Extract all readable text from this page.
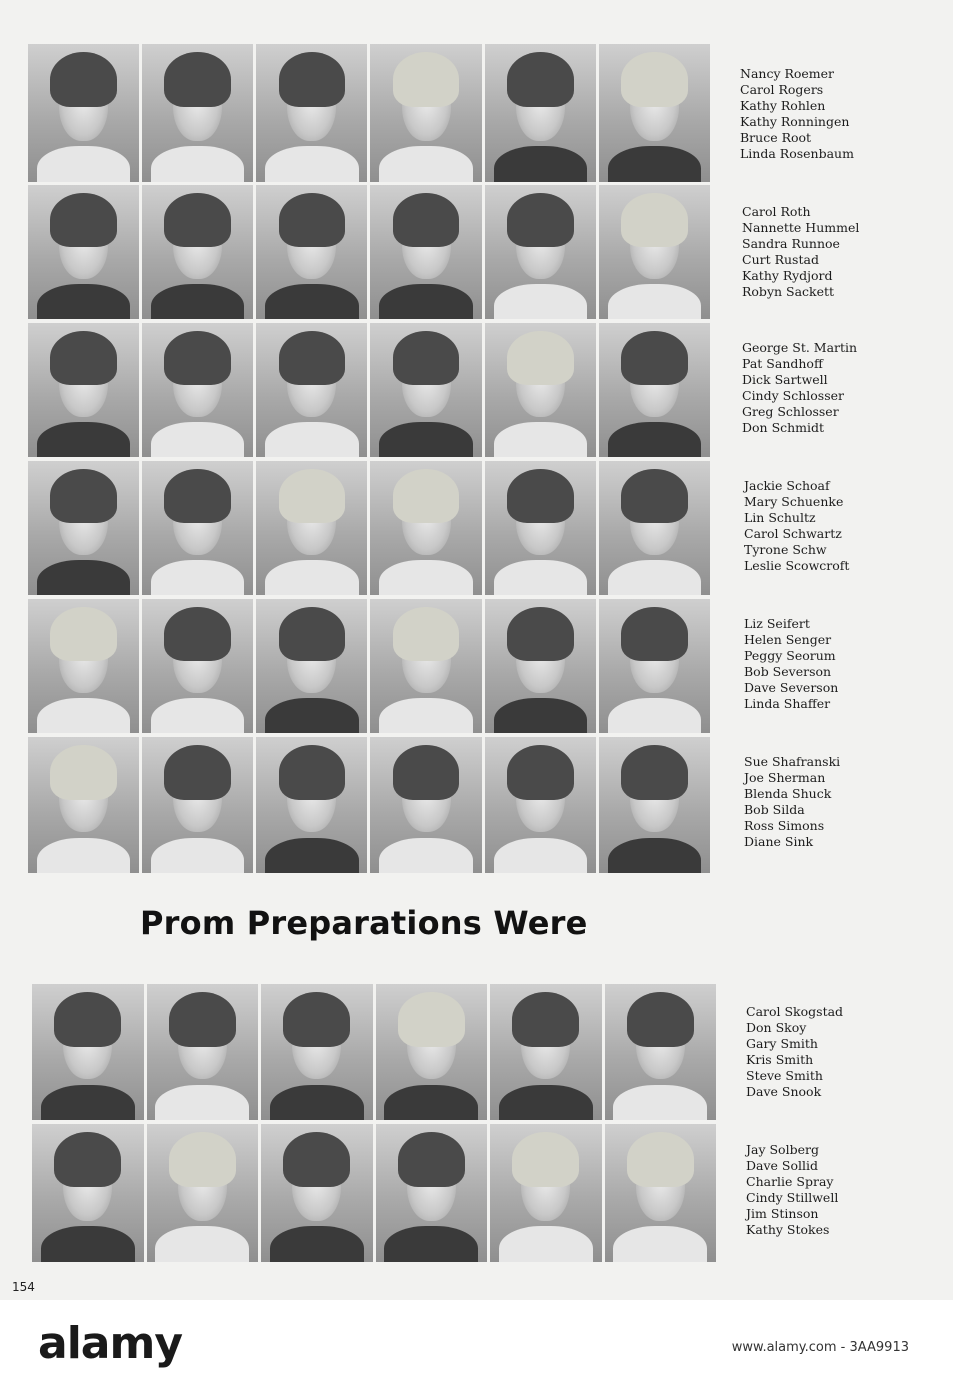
Nancy Roemer
Carol Rogers
Kathy Rohlen
Kathy Ronningen
Bruce Root
Linda Rosenbaum
Carol Roth
Nannette Hummel
Sandra Runnoe
Curt Rustad
Kathy Rydjord
Robyn Sackett
George St. Martin
Pat Sandhoff
Dick Sartwell
Cindy Schlosser
Greg Schlosser
Don Schmidt
Jackie Schoaf
Mary Schuenke
Lin Schultz
Carol Schwartz
Tyrone Schw
Leslie Scowcroft
Liz Seifert
Helen Senger
Peggy Seorum
Bob Severson
Dave Severson
Linda Shaffer
Sue Shafranski
Joe Sherman
Blenda Shuck
Bob Silda
Ross Simons
Diane Sink
Carol Skogstad
Don Skoy
Gary Smith
Kris Smith
Steve Smith
Dave Snook
Jay Solberg
Dave Sollid
Charlie Spray
Cindy Stillwell
Jim Stinson
Kathy Stokes
Prom Preparations Were
154
alamy	www.alamy.com - 3AA9913
